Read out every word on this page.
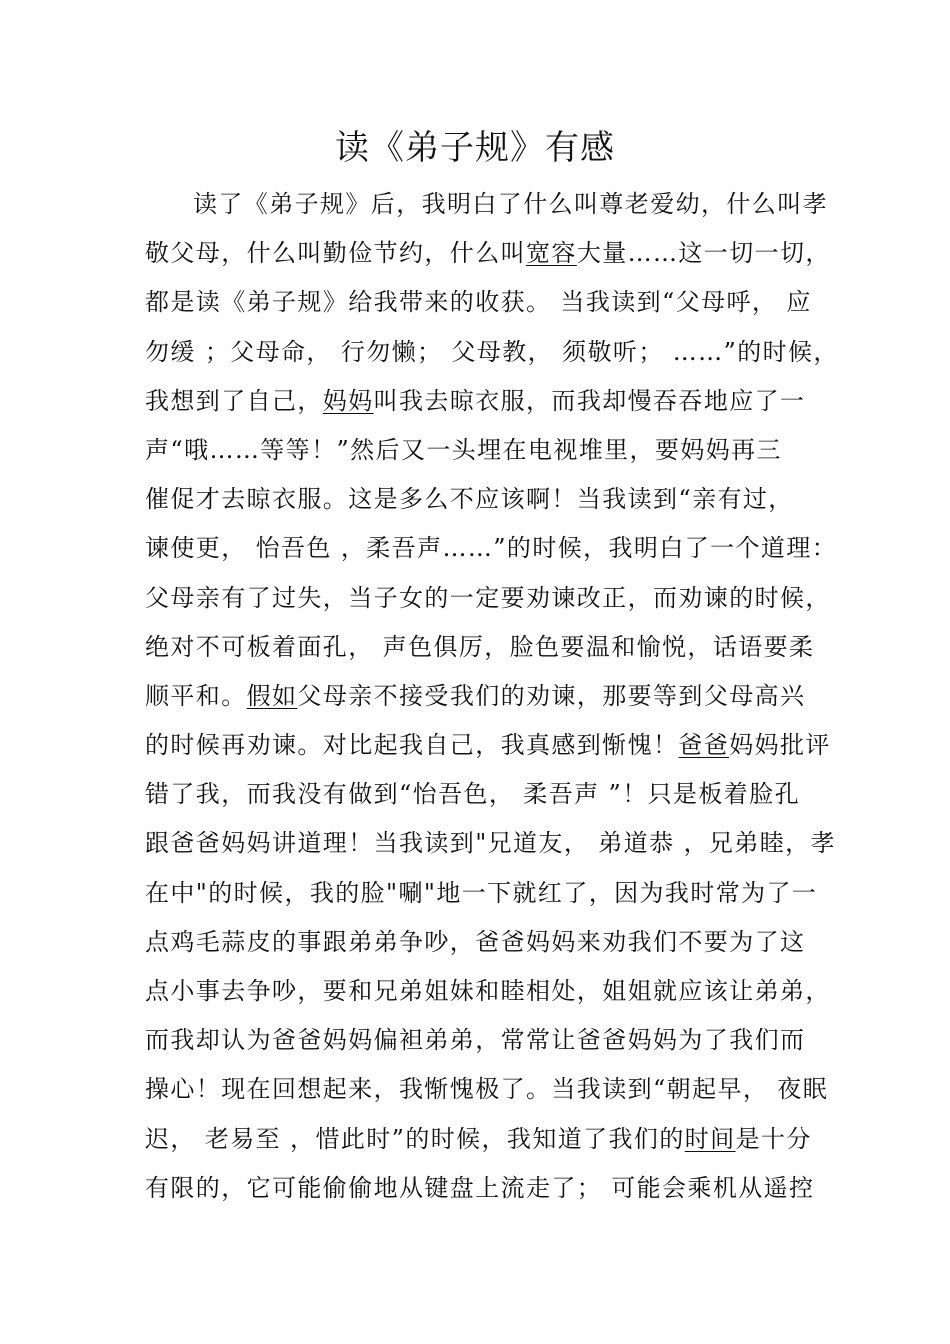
读《弟子规》有感
读了《弟子规》后，我明白了什么叫尊老爱幼，什么叫孝
敬父母，什么叫勤俭节约，什么叫宽容大量……这一切一切，
都是读《弟子规》给我带来的收获。 当我读到“父母呼， 应
勿缓 ；父母命， 行勿懒； 父母教， 须敬听； ……”的时候，
我想到了自己，妈妈叫我去晾衣服，而我却慢吞吞地应了一
声“哦……等等！”然后又一头埋在电视堆里，要妈妈再三
催促才去晾衣服。这是多么不应该啊！当我读到“亲有过，
谏使更， 怡吾色 ，柔吾声……”的时候，我明白了一个道理：
父母亲有了过失，当子女的一定要劝谏改正，而劝谏的时候，
绝对不可板着面孔， 声色俱厉，脸色要温和愉悦，话语要柔
顺平和。假如父母亲不接受我们的劝谏，那要等到父母高兴
的时候再劝谏。对比起我自己，我真感到惭愧！爸爸妈妈批评
错了我，而我没有做到“怡吾色， 柔吾声 ”！只是板着脸孔
跟爸爸妈妈讲道理！当我读到"兄道友， 弟道恭 ，兄弟睦，孝
在中"的时候，我的脸"唰"地一下就红了，因为我时常为了一
点鸡毛蒜皮的事跟弟弟争吵，爸爸妈妈来劝我们不要为了这
点小事去争吵，要和兄弟姐妹和睦相处，姐姐就应该让弟弟，
而我却认为爸爸妈妈偏袒弟弟，常常让爸爸妈妈为了我们而
操心！现在回想起来，我惭愧极了。当我读到“朝起早， 夜眠
迟， 老易至 ，惜此时”的时候，我知道了我们的时间是十分
有限的，它可能偷偷地从键盘上流走了； 可能会乘机从遥控
